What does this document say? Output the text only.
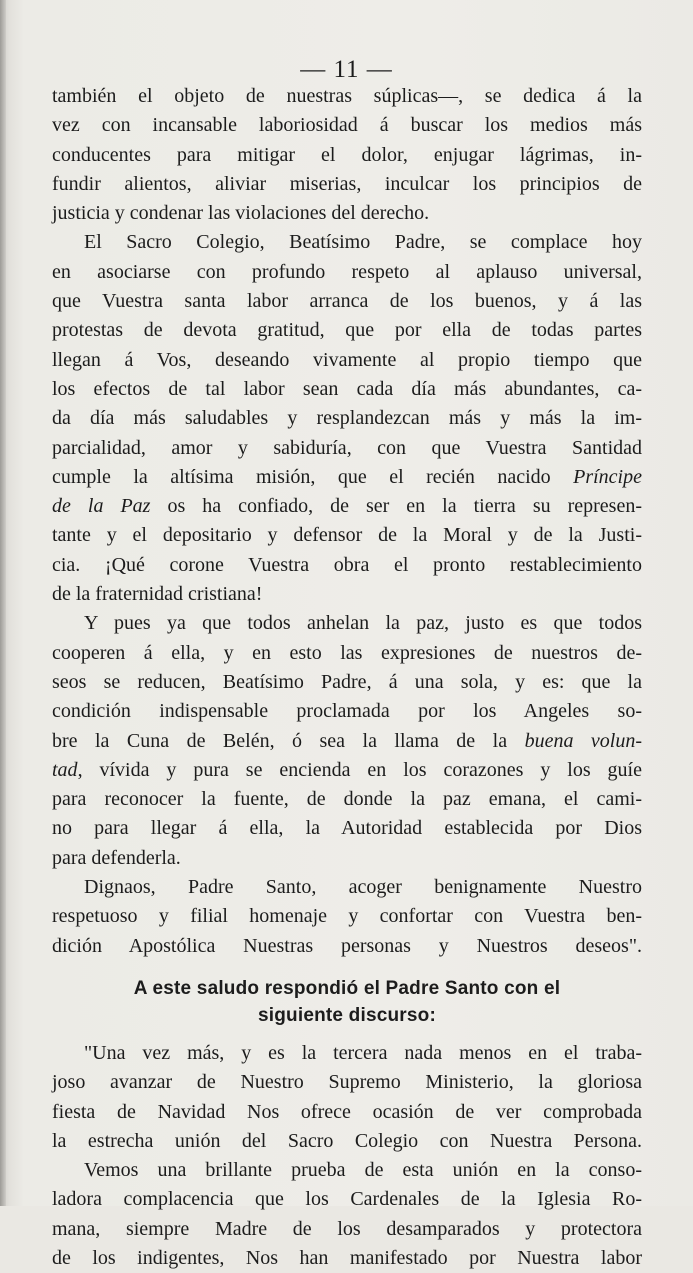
— 11 —
también el objeto de nuestras súplicas—, se dedica á la
vez con incansable laboriosidad á buscar los medios más
conducentes para mitigar el dolor, enjugar lágrimas, in-
fundir alientos, aliviar miserias, inculcar los principios de
justicia y condenar las violaciones del derecho.
El Sacro Colegio, Beatísimo Padre, se complace hoy
en asociarse con profundo respeto al aplauso universal,
que Vuestra santa labor arranca de los buenos, y á las
protestas de devota gratitud, que por ella de todas partes
llegan á Vos, deseando vivamente al propio tiempo que
los efectos de tal labor sean cada día más abundantes, ca-
da día más saludables y resplandezcan más y más la im-
parcialidad, amor y sabiduría, con que Vuestra Santidad
cumple la altísima misión, que el recién nacido Príncipe
de la Paz os ha confiado, de ser en la tierra su represen-
tante y el depositario y defensor de la Moral y de la Justi-
cia. ¡Qué corone Vuestra obra el pronto restablecimiento
de la fraternidad cristiana!
Y pues ya que todos anhelan la paz, justo es que todos
cooperen á ella, y en esto las expresiones de nuestros de-
seos se reducen, Beatísimo Padre, á una sola, y es: que la
condición indispensable proclamada por los Angeles so-
bre la Cuna de Belén, ó sea la llama de la buena volun-
tad, vívida y pura se encienda en los corazones y los guíe
para reconocer la fuente, de donde la paz emana, el cami-
no para llegar á ella, la Autoridad establecida por Dios
para defenderla.
Dignaos, Padre Santo, acoger benignamente Nuestro
respetuoso y filial homenaje y confortar con Vuestra ben-
dición Apostólica Nuestras personas y Nuestros deseos".
A este saludo respondió el Padre Santo con el
siguiente discurso:
"Una vez más, y es la tercera nada menos en el traba-
joso avanzar de Nuestro Supremo Ministerio, la gloriosa
fiesta de Navidad Nos ofrece ocasión de ver comprobada
la estrecha unión del Sacro Colegio con Nuestra Persona.
Vemos una brillante prueba de esta unión en la conso-
ladora complacencia que los Cardenales de la Iglesia Ro-
mana, siempre Madre de los desamparados y protectora
de los indigentes, Nos han manifestado por Nuestra labor
